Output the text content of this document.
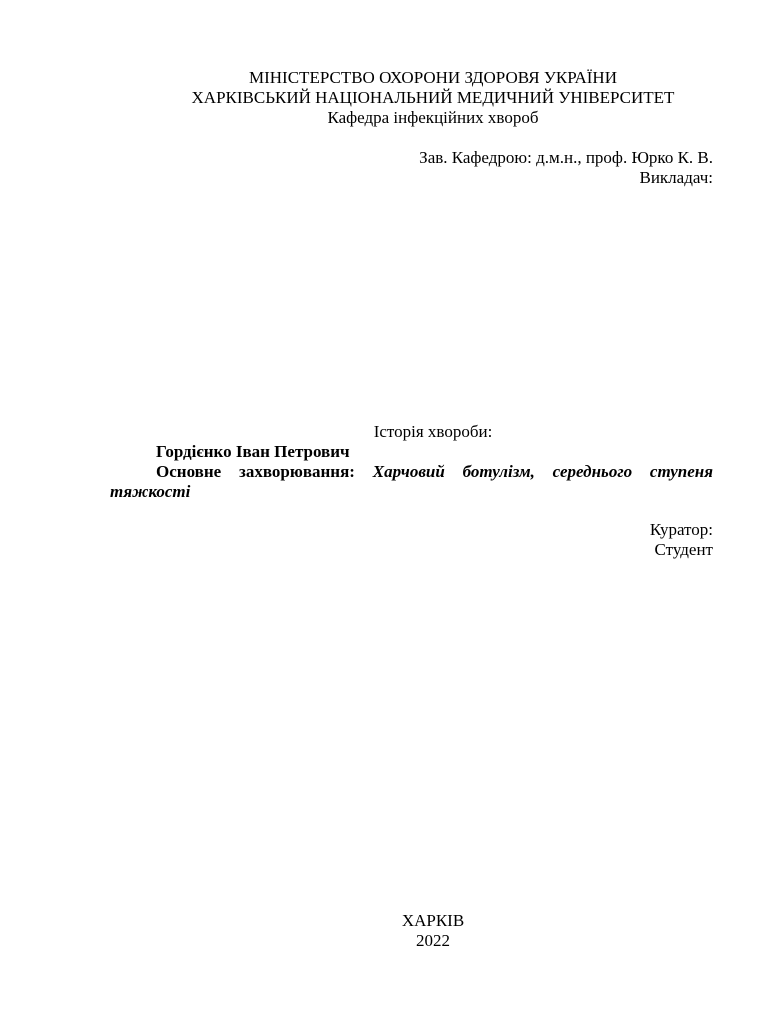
МІНІСТЕРСТВО ОХОРОНИ ЗДОРОВЯ УКРАЇНИ
ХАРКІВСЬКИЙ НАЦІОНАЛЬНИЙ МЕДИЧНИЙ УНІВЕРСИТЕТ
Кафедра інфекційних хвороб
Зав. Кафедрою: д.м.н., проф. Юрко К. В.
Викладач:
Історія хвороби:
Гордієнко Іван Петрович
Основне захворювання: Харчовий ботулізм, середнього ступеня тяжкості
Куратор:
Студент
ХАРКІВ
2022
